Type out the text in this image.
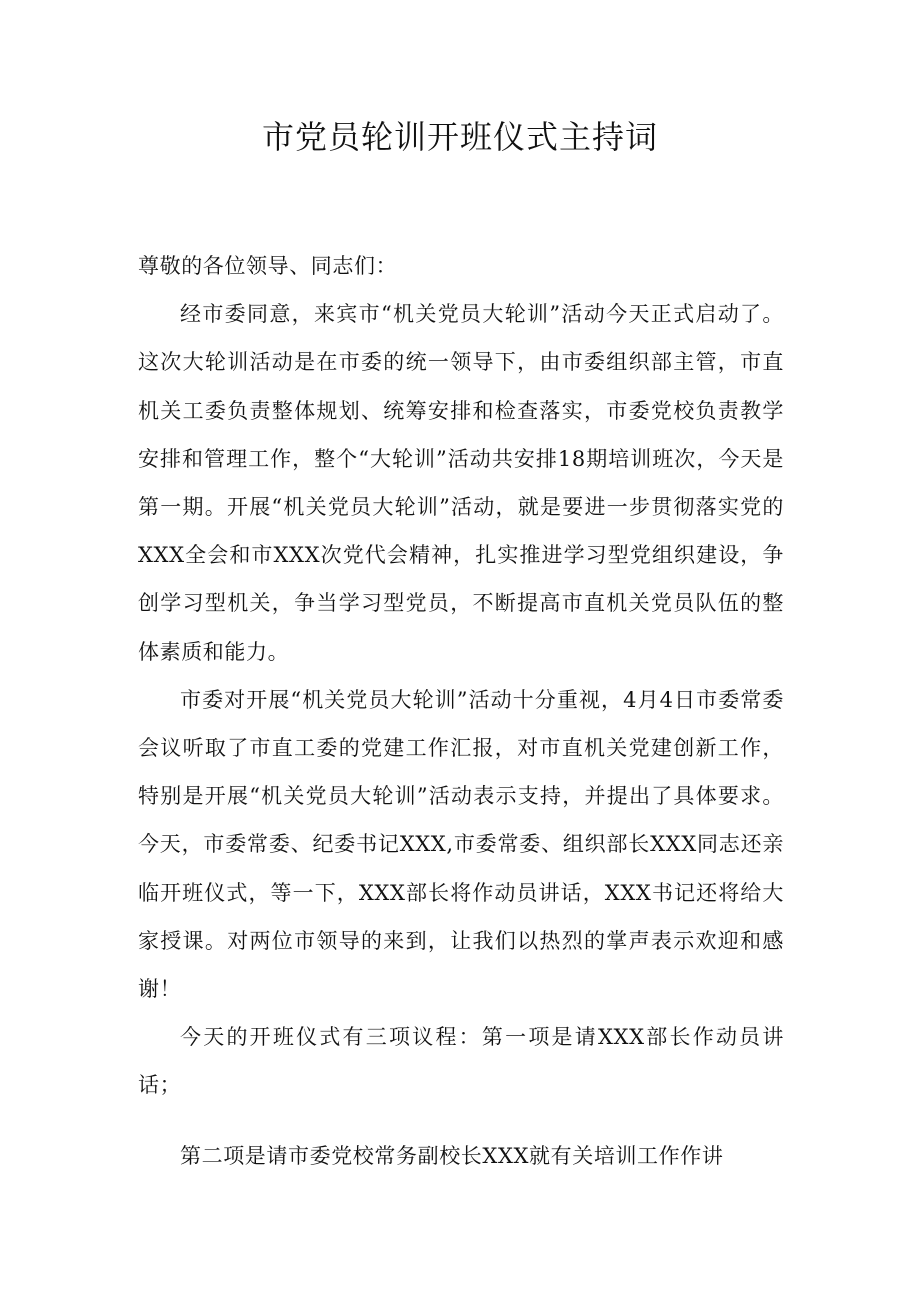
市党员轮训开班仪式主持词

尊敬的各位领导、同志们：

经市委同意，来宾市“机关党员大轮训”活动今天正式启动了。这次大轮训活动是在市委的统一领导下，由市委组织部主管，市直机关工委负责整体规划、统筹安排和检查落实，市委党校负责教学安排和管理工作，整个“大轮训”活动共安排18期培训班次，今天是第一期。开展“机关党员大轮训”活动，就是要进一步贯彻落实党的XXX全会和市XXX次党代会精神，扎实推进学习型党组织建设，争创学习型机关，争当学习型党员，不断提高市直机关党员队伍的整体素质和能力。

市委对开展“机关党员大轮训”活动十分重视，4月4日市委常委会议听取了市直工委的党建工作汇报，对市直机关党建创新工作，特别是开展“机关党员大轮训”活动表示支持，并提出了具体要求。今天，市委常委、纪委书记XXX,市委常委、组织部长XXX同志还亲临开班仪式，等一下，XXX部长将作动员讲话，XXX书记还将给大家授课。对两位市领导的来到，让我们以热烈的掌声表示欢迎和感谢！

今天的开班仪式有三项议程：第一项是请XXX部长作动员讲话；

第二项是请市委党校常务副校长XXX就有关培训工作作讲
